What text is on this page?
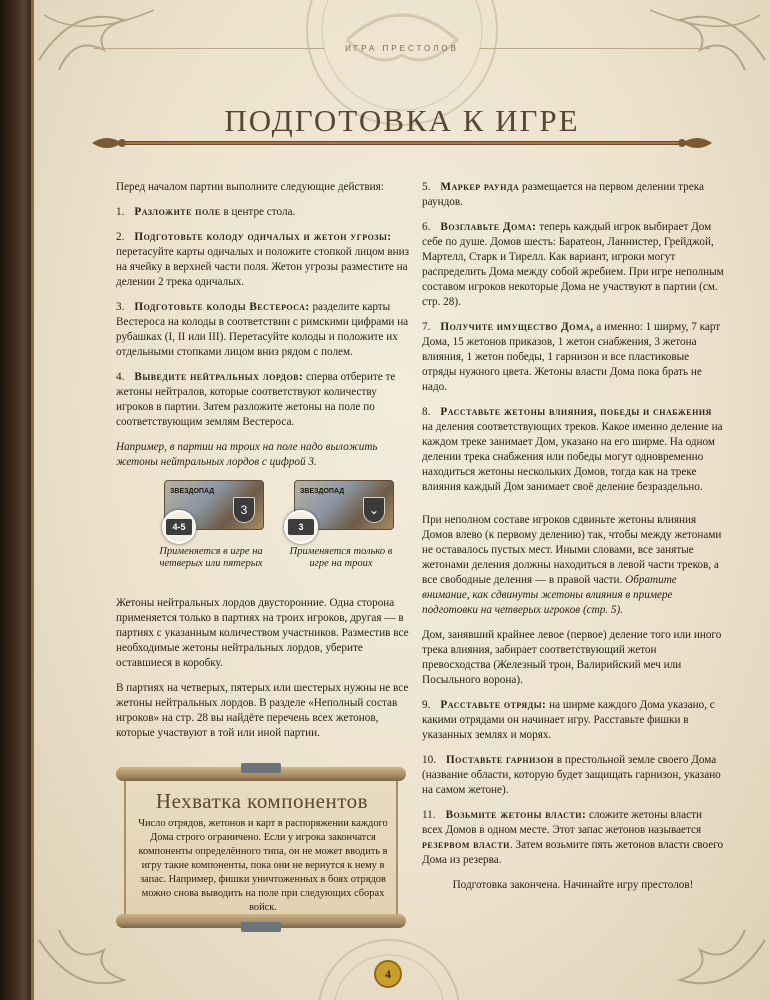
ИГРА ПРЕСТОЛОВ
ПОДГОТОВКА К ИГРЕ

Перед началом партии выполните следующие действия:

1. Разложите поле в центре стола.

2. Подготовьте колоду одичалых и жетон угрозы: перетасуйте карты одичалых и положите стопкой лицом вниз на ячейку в верхней части поля. Жетон угрозы разместите на делении 2 трека одичалых.

3. Подготовьте колоды Вестероса: разделите карты Вестероса на колоды в соответствии с римскими цифрами на рубашках (I, II или III). Перетасуйте колоды и положите их отдельными стопками лицом вниз рядом с полем.

4. Выведите нейтральных лордов: сперва отберите те жетоны нейтралов, которые соответствуют количеству игроков в партии. Затем разложите жетоны на поле по соответствующим землям Вестероса.

Например, в партии на троих на поле надо выложить жетоны нейтральных лордов с цифрой 3.

ЗВЕЗДОПАД
3
4-5
Применяется в игре на четверых или пятерых
ЗВЕЗДОПАД
⌄
3
Применяется только в игре на троих

Жетоны нейтральных лордов двусторонние. Одна сторона применяется только в партиях на троих игроков, другая — в партиях с указанным количеством участников. Разместив все необходимые жетоны нейтральных лордов, уберите оставшиеся в коробку.

В партиях на четверых, пятерых или шестерых нужны не все жетоны нейтральных лордов. В разделе «Неполный состав игроков» на стр. 28 вы найдёте перечень всех жетонов, которые участвуют в той или иной партии.

Нехватка компонентов
Число отрядов, жетонов и карт в распоряжении каждого Дома строго ограничено. Если у игрока закончатся компоненты определённого типа, он не может вводить в игру такие компоненты, пока они не вернутся к нему в запас. Например, фишки уничтоженных в боях отрядов можно снова выводить на поле при следующих сборах войск.

5. Маркер раунда размещается на первом делении трека раундов.

6. Возглавьте Дома: теперь каждый игрок выбирает Дом себе по душе. Домов шесть: Баратеон, Ланнистер, Грейджой, Мартелл, Старк и Тирелл. Как вариант, игроки могут распределить Дома между собой жребием. При игре неполным составом игроков некоторые Дома не участвуют в партии (см. стр. 28).

7. Получите имущество Дома, а именно: 1 ширму, 7 карт Дома, 15 жетонов приказов, 1 жетон снабжения, 3 жетона влияния, 1 жетон победы, 1 гарнизон и все пластиковые отряды нужного цвета. Жетоны власти Дома пока брать не надо.

8. Расставьте жетоны влияния, победы и снабжения на деления соответствующих треков. Какое именно деление на каждом треке занимает Дом, указано на его ширме. На одном делении трека снабжения или победы могут одновременно находиться жетоны нескольких Домов, тогда как на треке влияния каждый Дом занимает своё деление безраздельно.

При неполном составе игроков сдвиньте жетоны влияния Домов влево (к первому делению) так, чтобы между жетонами не оставалось пустых мест. Иными словами, все занятые жетонами деления должны находиться в левой части треков, а все свободные деления — в правой части. Обратите внимание, как сдвинуты жетоны влияния в примере подготовки на четверых игроков (стр. 5).

Дом, занявший крайнее левое (первое) деление того или иного трека влияния, забирает соответствующий жетон превосходства (Железный трон, Валирийский меч или Посыльного ворона).

9. Расставьте отряды: на ширме каждого Дома указано, с какими отрядами он начинает игру. Расставьте фишки в указанных землях и морях.

10. Поставьте гарнизон в престольной земле своего Дома (название области, которую будет защищать гарнизон, указано на самом жетоне).

11. Возьмите жетоны власти: сложите жетоны власти всех Домов в одном месте. Этот запас жетонов называется резервом власти. Затем возьмите пять жетонов власти своего Дома из резерва.

Подготовка закончена. Начинайте игру престолов!

4
